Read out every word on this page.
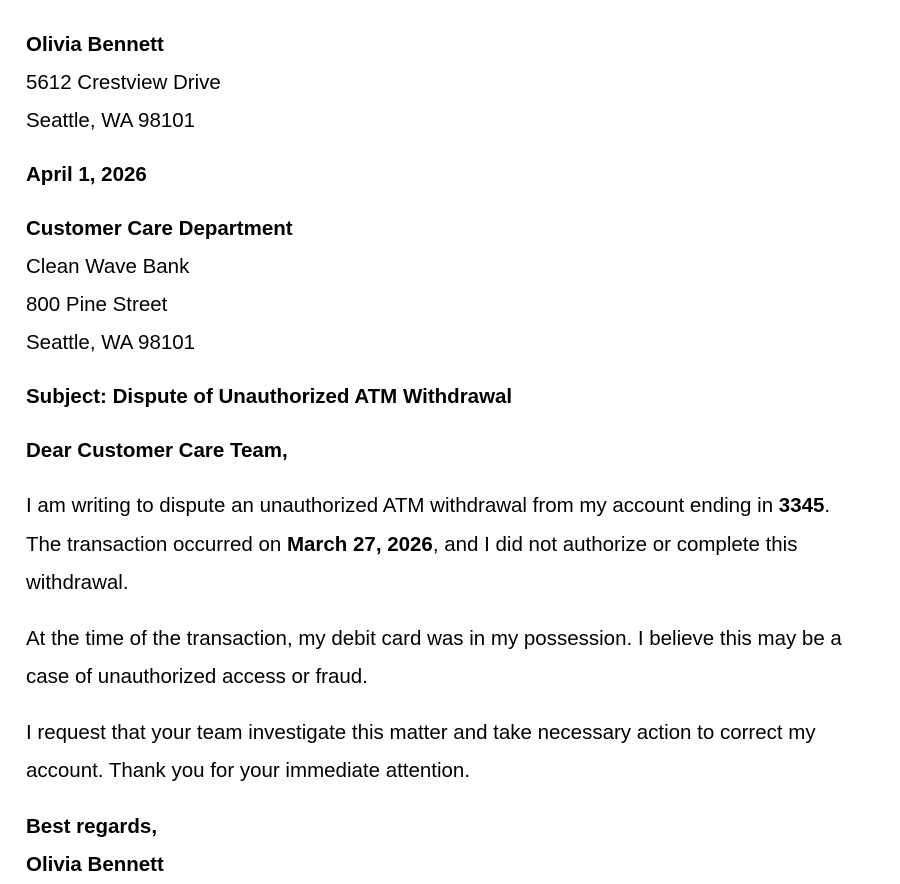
Olivia Bennett
5612 Crestview Drive
Seattle, WA 98101
April 1, 2026
Customer Care Department
Clean Wave Bank
800 Pine Street
Seattle, WA 98101
Subject: Dispute of Unauthorized ATM Withdrawal
Dear Customer Care Team,

I am writing to dispute an unauthorized ATM withdrawal from my account ending in 3345. The transaction occurred on March 27, 2026, and I did not authorize or complete this withdrawal.

At the time of the transaction, my debit card was in my possession. I believe this may be a case of unauthorized access or fraud.

I request that your team investigate this matter and take necessary action to correct my account. Thank you for your immediate attention.

Best regards,
Olivia Bennett
